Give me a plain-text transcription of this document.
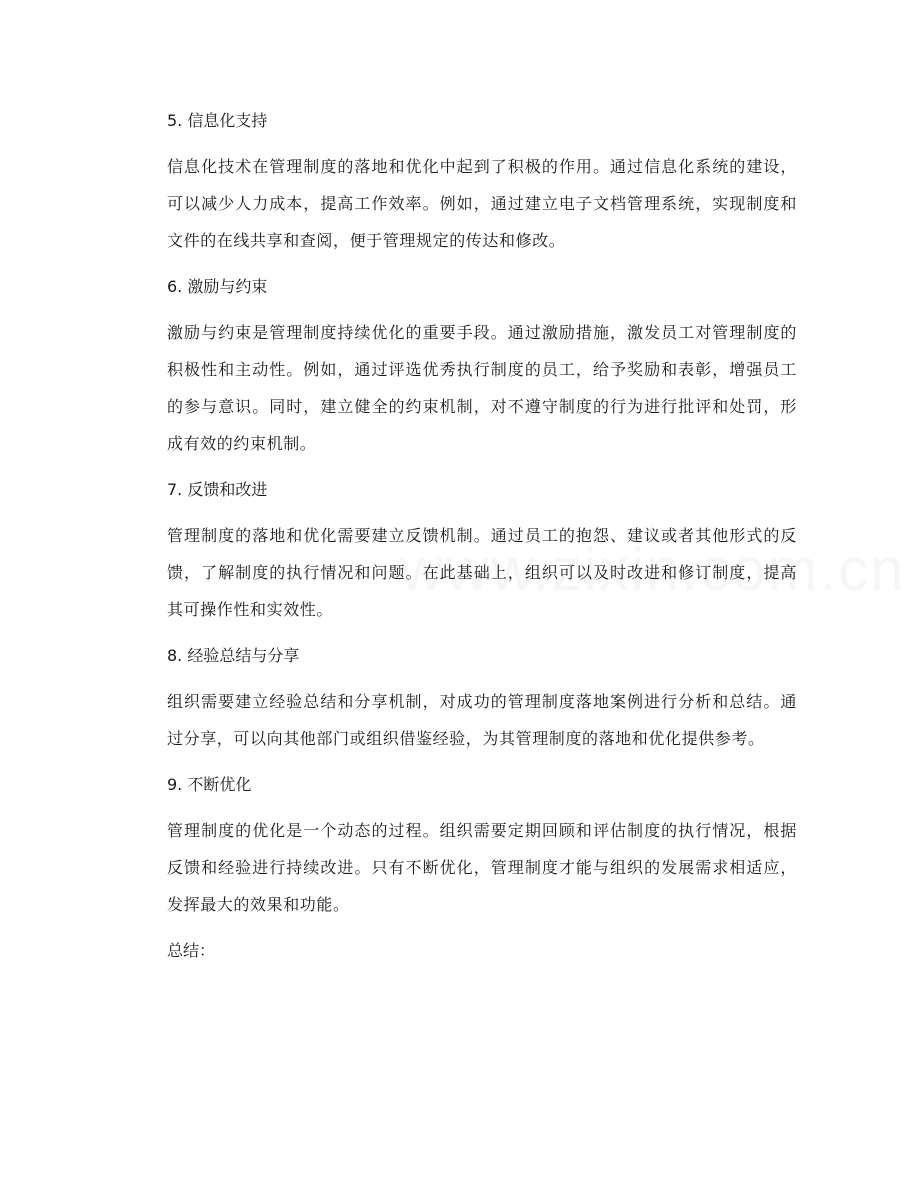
5. 信息化支持

信息化技术在管理制度的落地和优化中起到了积极的作用。通过信息化系统的建设，可以减少人力成本，提高工作效率。例如，通过建立电子文档管理系统，实现制度和文件的在线共享和查阅，便于管理规定的传达和修改。

6. 激励与约束

激励与约束是管理制度持续优化的重要手段。通过激励措施，激发员工对管理制度的积极性和主动性。例如，通过评选优秀执行制度的员工，给予奖励和表彰，增强员工的参与意识。同时，建立健全的约束机制，对不遵守制度的行为进行批评和处罚，形成有效的约束机制。

7. 反馈和改进

管理制度的落地和优化需要建立反馈机制。通过员工的抱怨、建议或者其他形式的反馈，了解制度的执行情况和问题。在此基础上，组织可以及时改进和修订制度，提高其可操作性和实效性。

8. 经验总结与分享

组织需要建立经验总结和分享机制，对成功的管理制度落地案例进行分析和总结。通过分享，可以向其他部门或组织借鉴经验，为其管理制度的落地和优化提供参考。

9. 不断优化

管理制度的优化是一个动态的过程。组织需要定期回顾和评估制度的执行情况，根据反馈和经验进行持续改进。只有不断优化，管理制度才能与组织的发展需求相适应，发挥最大的效果和功能。

总结：
